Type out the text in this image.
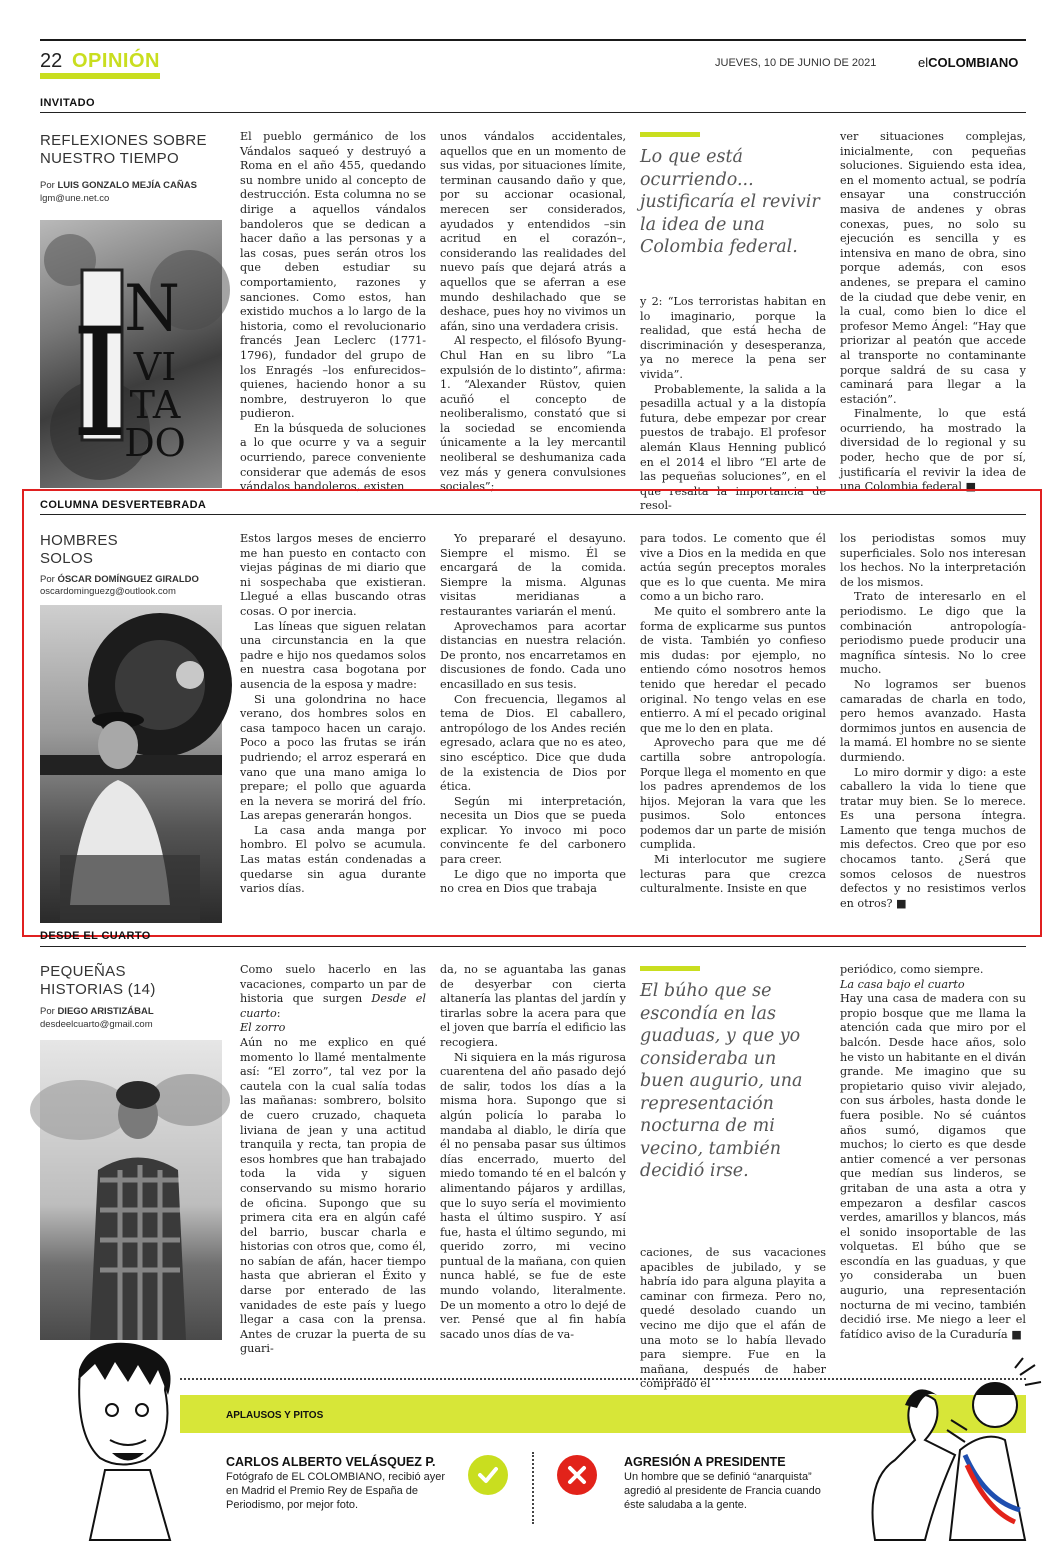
22 OPINIÓN	JUEVES, 10 DE JUNIO DE 2021	elCOLOMBIANO
INVITADO
REFLEXIONES SOBRE NUESTRO TIEMPO
Por LUIS GONZALO MEJÍA CAÑAS
lgm@une.net.co
I
N
VI
TA
DO

El pueblo germánico de los Vándalos saqueó y destruyó a Roma en el año 455, quedando su nombre unido al concepto de destrucción. Esta columna no se dirige a aquellos vándalos bandoleros que se dedican a hacer daño a las personas y a las cosas, pues serán otros los que deben estudiar su comportamiento, razones y sanciones. Como estos, han existido muchos a lo largo de la historia, como el revolucionario francés Jean Leclerc (1771-1796), fundador del grupo de los Enragés –los enfurecidos– quienes, haciendo honor a su nombre, destruyeron lo que pudieron.

En la búsqueda de soluciones a lo que ocurre y va a seguir ocurriendo, parece conveniente considerar que además de esos vándalos bandoleros, existen

unos vándalos accidentales, aquellos que en un momento de sus vidas, por situaciones límite, terminan causando daño y que, por su accionar ocasional, merecen ser considerados, ayudados y entendidos –sin acritud en el corazón–, considerando las realidades del nuevo país que dejará atrás a aquellos que se aferran a ese mundo deshilachado que se deshace, pues hoy no vivimos un afán, sino una verdadera crisis.

Al respecto, el filósofo Byung-Chul Han en su libro “La expulsión de lo distinto”, afirma: 1. “Alexander Rüstov, quien acuñó el concepto de neoliberalismo, constató que si la sociedad se encomienda únicamente a la ley mercantil neoliberal se deshumaniza cada vez más y genera convulsiones sociales”;

Lo que está ocurriendo... justificaría el revivir la idea de una Colombia federal.

y 2: “Los terroristas habitan en lo imaginario, porque la realidad, que está hecha de discriminación y desesperanza, ya no merece la pena ser vivida”.

Probablemente, la salida a la pesadilla actual y a la distopía futura, debe empezar por crear puestos de trabajo. El profesor alemán Klaus Henning publicó en el 2014 el libro “El arte de las pequeñas soluciones”, en el que resalta la importancia de resol-

ver situaciones complejas, inicialmente, con pequeñas soluciones. Siguiendo esta idea, en el momento actual, se podría ensayar una construcción masiva de andenes y obras conexas, pues, no solo su ejecución es sencilla y es intensiva en mano de obra, sino porque además, con esos andenes, se prepara el camino de la ciudad que debe venir, en la cual, como bien lo dice el profesor Memo Ángel: “Hay que priorizar al peatón que accede al transporte no contaminante porque saldrá de su casa y caminará para llegar a la estación”.

Finalmente, lo que está ocurriendo, ha mostrado la diversidad de lo regional y su poder, hecho que de por sí, justificaría el revivir la idea de una Colombia federal ■

COLUMNA DESVERTEBRADA
HOMBRES SOLOS
Por ÓSCAR DOMÍNGUEZ GIRALDO
oscardominguezg@outlook.com

Estos largos meses de encierro me han puesto en contacto con viejas páginas de mi diario que ni sospechaba que existieran. Llegué a ellas buscando otras cosas. O por inercia.

Las líneas que siguen relatan una circunstancia en la que padre e hijo nos quedamos solos en nuestra casa bogotana por ausencia de la esposa y madre:

Si una golondrina no hace verano, dos hombres solos en casa tampoco hacen un carajo. Poco a poco las frutas se irán pudriendo; el arroz esperará en vano que una mano amiga lo prepare; el pollo que aguarda en la nevera se morirá del frío. Las arepas generarán hongos.

La casa anda manga por hombro. El polvo se acumula. Las matas están condenadas a quedarse sin agua durante varios días.

Yo prepararé el desayuno. Siempre el mismo. Él se encargará de la comida. Siempre la misma. Algunas visitas meridianas a restaurantes variarán el menú.

Aprovechamos para acortar distancias en nuestra relación. De pronto, nos encarretamos en discusiones de fondo. Cada uno encasillado en sus tesis.

Con frecuencia, llegamos al tema de Dios. El caballero, antropólogo de los Andes recién egresado, aclara que no es ateo, sino escéptico. Dice que duda de la existencia de Dios por ética.

Según mi interpretación, necesita un Dios que se pueda explicar. Yo invoco mi poco convincente fe del carbonero para creer.

Le digo que no importa que no crea en Dios que trabaja

para todos. Le comento que él vive a Dios en la medida en que actúa según preceptos morales que es lo que cuenta. Me mira como a un bicho raro.

Me quito el sombrero ante la forma de explicarme sus puntos de vista. También yo confieso mis dudas: por ejemplo, no entiendo cómo nosotros hemos tenido que heredar el pecado original. No tengo velas en ese entierro. A mí el pecado original que me lo den en plata.

Aprovecho para que me dé cartilla sobre antropología. Porque llega el momento en que los padres aprendemos de los hijos. Mejoran la vara que les pusimos. Solo entonces podemos dar un parte de misión cumplida.

Mi interlocutor me sugiere lecturas para que crezca culturalmente. Insiste en que

los periodistas somos muy superficiales. Solo nos interesan los hechos. No la interpretación de los mismos.

Trato de interesarlo en el periodismo. Le digo que la combinación antropología-periodismo puede producir una magnífica síntesis. No lo cree mucho.

No logramos ser buenos camaradas de charla en todo, pero hemos avanzado. Hasta dormimos juntos en ausencia de la mamá. El hombre no se siente durmiendo.

Lo miro dormir y digo: a este caballero la vida lo tiene que tratar muy bien. Se lo merece. Es una persona íntegra. Lamento que tenga muchos de mis defectos. Creo que por eso chocamos tanto. ¿Será que somos celosos de nuestros defectos y no resistimos verlos en otros? ■

DESDE EL CUARTO
PEQUEÑAS HISTORIAS (14)
Por DIEGO ARISTIZÁBAL
desdeelcuarto@gmail.com

Como suelo hacerlo en las vacaciones, comparto un par de historia que surgen Desde el cuarto:

El zorro

Aún no me explico en qué momento lo llamé mentalmente así: “El zorro”, tal vez por la cautela con la cual salía todas las mañanas: sombrero, bolsito de cuero cruzado, chaqueta liviana de jean y una actitud tranquila y recta, tan propia de esos hombres que han trabajado toda la vida y siguen conservando su mismo horario de oficina. Supongo que su primera cita era en algún café del barrio, buscar charla e historias con otros que, como él, no sabían de afán, hacer tiempo hasta que abrieran el Éxito y darse por enterado de las vanidades de este país y luego llegar a casa con la prensa. Antes de cruzar la puerta de su guari-

da, no se aguantaba las ganas de desyerbar con cierta altanería las plantas del jardín y tirarlas sobre la acera para que el joven que barría el edificio las recogiera.

Ni siquiera en la más rigurosa cuarentena del año pasado dejó de salir, todos los días a la misma hora. Supongo que si algún policía lo paraba lo mandaba al diablo, le diría que él no pensaba pasar sus últimos días encerrado, muerto del miedo tomando té en el balcón y alimentando pájaros y ardillas, que lo suyo sería el movimiento hasta el último suspiro. Y así fue, hasta el último segundo, mi querido zorro, mi vecino puntual de la mañana, con quien nunca hablé, se fue de este mundo volando, literalmente. De un momento a otro lo dejé de ver. Pensé que al fin había sacado unos días de va-

El búho que se escondía en las guaduas, y que yo consideraba un buen augurio, una representación nocturna de mi vecino, también decidió irse.

caciones, de sus vacaciones apacibles de jubilado, y se habría ido para alguna playita a caminar con firmeza. Pero no, quedé desolado cuando un vecino me dijo que el afán de una moto se lo había llevado para siempre. Fue en la mañana, después de haber comprado el

periódico, como siempre.

La casa bajo el cuarto

Hay una casa de madera con su propio bosque que me llama la atención cada que miro por el balcón. Desde hace años, solo he visto un habitante en el diván grande. Me imagino que su propietario quiso vivir alejado, con sus árboles, hasta donde le fuera posible. No sé cuántos años sumó, digamos que muchos; lo cierto es que desde antier comencé a ver personas que medían sus linderos, se gritaban de una asta a otra y empezaron a desfilar cascos verdes, amarillos y blancos, más el sonido insoportable de las volquetas. El búho que se escondía en las guaduas, y que yo consideraba un buen augurio, una representación nocturna de mi vecino, también decidió irse. Me niego a leer el fatídico aviso de la Curaduría ■

APLAUSOS Y PITOS
CARLOS ALBERTO VELÁSQUEZ P.
Fotógrafo de EL COLOMBIANO, recibió ayer en Madrid el Premio Rey de España de Periodismo, por mejor foto.
AGRESIÓN A PRESIDENTE
Un hombre que se definió “anarquista” agredió al presidente de Francia cuando éste saludaba a la gente.
